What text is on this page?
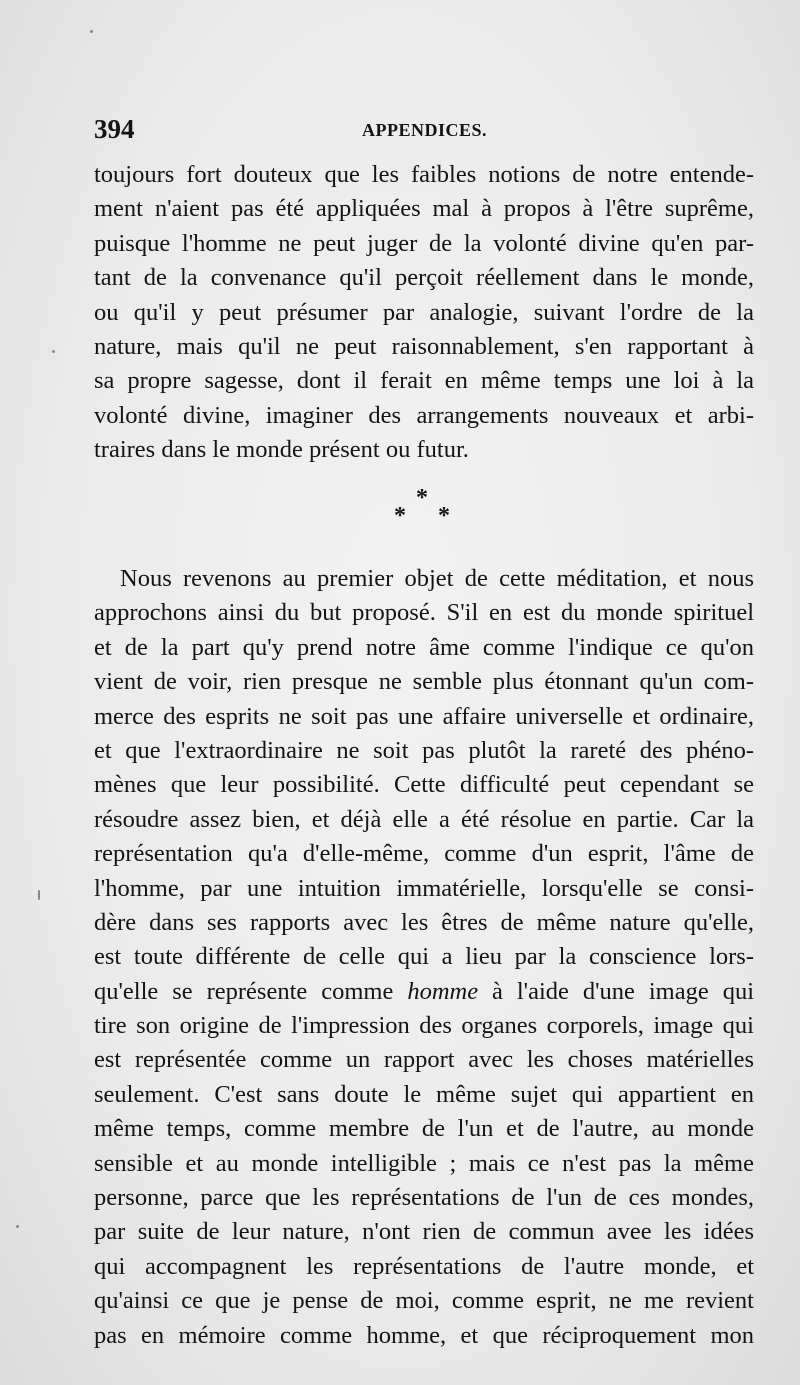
394	APPENDICES.
toujours fort douteux que les faibles notions de notre entende-
ment n'aient pas été appliquées mal à propos à l'être suprême,
puisque l'homme ne peut juger de la volonté divine qu'en par-
tant de la convenance qu'il perçoit réellement dans le monde,
ou qu'il y peut présumer par analogie, suivant l'ordre de la
nature, mais qu'il ne peut raisonnablement, s'en rapportant à
sa propre sagesse, dont il ferait en même temps une loi à la
volonté divine, imaginer des arrangements nouveaux et arbi-
traires dans le monde présent ou futur.
*
* *
Nous revenons au premier objet de cette méditation, et nous
approchons ainsi du but proposé. S'il en est du monde spirituel
et de la part qu'y prend notre âme comme l'indique ce qu'on
vient de voir, rien presque ne semble plus étonnant qu'un com-
merce des esprits ne soit pas une affaire universelle et ordinaire,
et que l'extraordinaire ne soit pas plutôt la rareté des phéno-
mènes que leur possibilité. Cette difficulté peut cependant se
résoudre assez bien, et déjà elle a été résolue en partie. Car la
représentation qu'a d'elle-même, comme d'un esprit, l'âme de
l'homme, par une intuition immatérielle, lorsqu'elle se consi-
dère dans ses rapports avec les êtres de même nature qu'elle,
est toute différente de celle qui a lieu par la conscience lors-
qu'elle se représente comme homme à l'aide d'une image qui
tire son origine de l'impression des organes corporels, image qui
est représentée comme un rapport avec les choses matérielles
seulement. C'est sans doute le même sujet qui appartient en
même temps, comme membre de l'un et de l'autre, au monde
sensible et au monde intelligible ; mais ce n'est pas la même
personne, parce que les représentations de l'un de ces mondes,
par suite de leur nature, n'ont rien de commun avee les idées
qui accompagnent les représentations de l'autre monde, et
qu'ainsi ce que je pense de moi, comme esprit, ne me revient
pas en mémoire comme homme, et que réciproquement mon
